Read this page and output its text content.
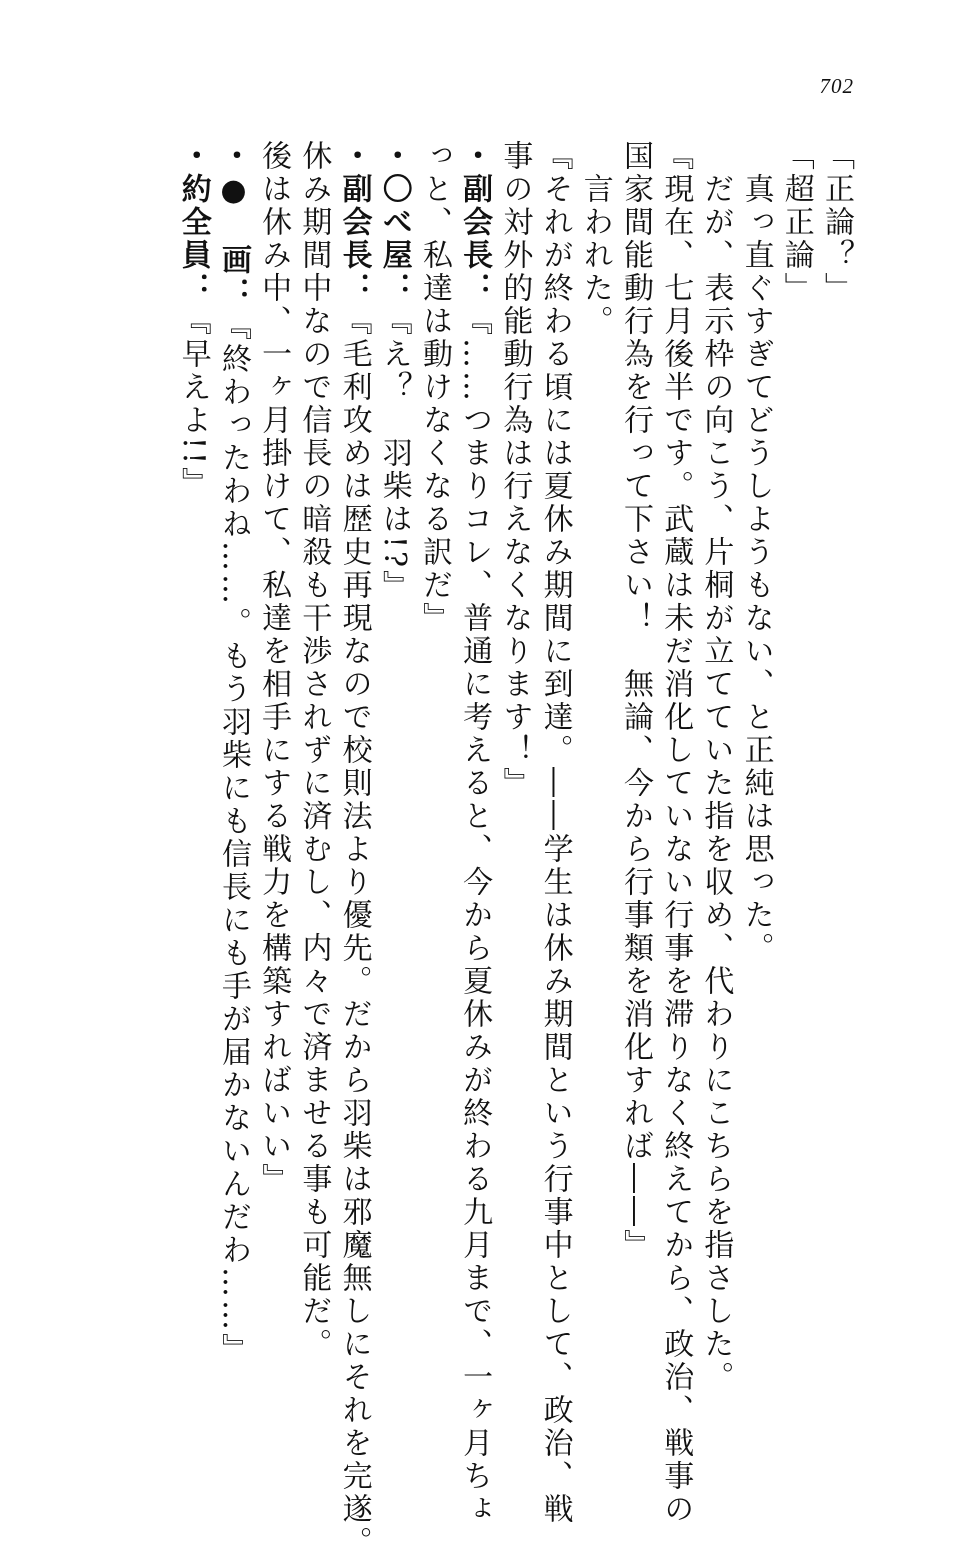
702
「正論？」
「超正論」
　真っ直ぐすぎてどうしようもない、と正純は思った。
　だが、表示枠の向こう、片桐が立てていた指を収め、代わりにこちらを指さした。
『現在、七月後半です。武蔵は未だ消化していない行事を滞りなく終えてから、政治、戦事の
国家間能動行為を行って下さい！　無論、今から行事類を消化すれば――』
　言われた。
『それが終わる頃には夏休み期間に到達。――学生は休み期間という行事中として、政治、戦
事の対外的能動行為は行えなくなります！』
・副会長：『……つまりコレ、普通に考えると、今から夏休みが終わる九月まで、一ヶ月ちょ
っと、私達は動けなくなる訳だ』
・〇べ屋：『え？　羽柴は!?』
・副会長：『毛利攻めは歴史再現なので校則法より優先。だから羽柴は邪魔無しにそれを完遂。
休み期間中なので信長の暗殺も干渉されずに済むし、内々で済ませる事も可能だ。
後は休み中、一ヶ月掛けて、私達を相手にする戦力を構築すればいい』
・●　画：『終わったわね……。もう羽柴にも信長にも手が届かないんだわ……』
・約全員：『早えよ!!』
